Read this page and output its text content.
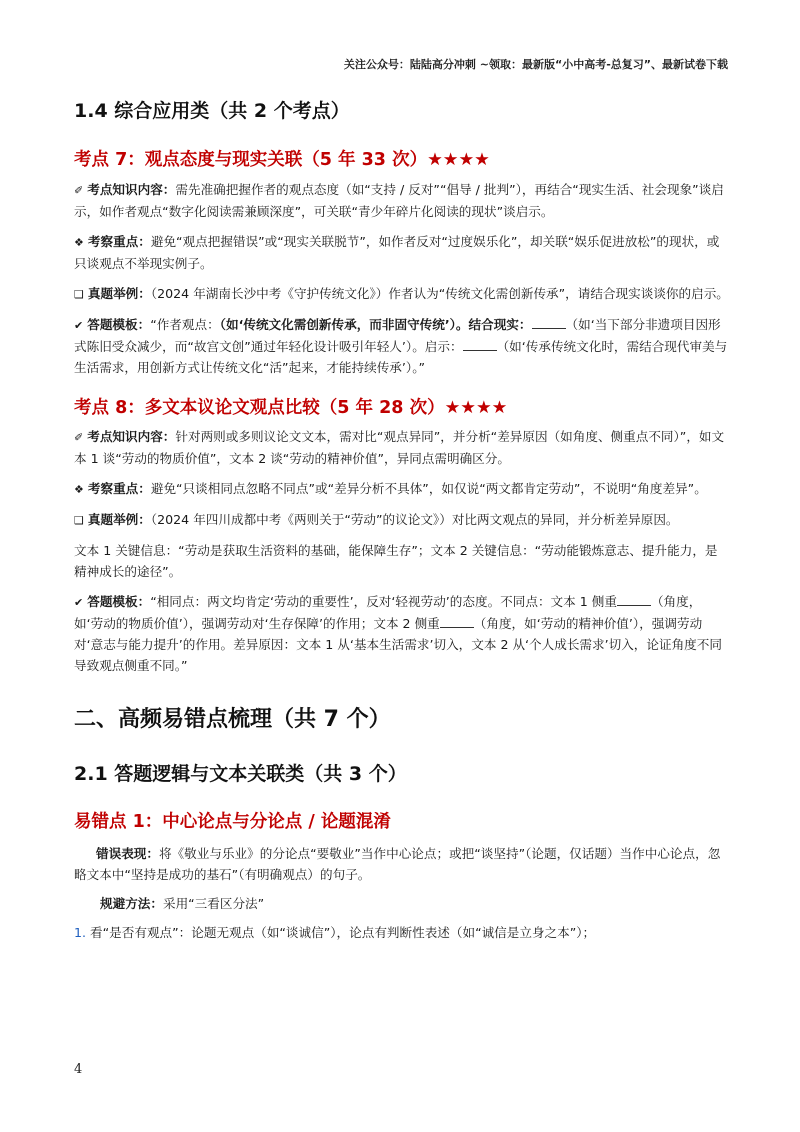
关注公众号：陆陆高分冲刺 ~领取：最新版“小中高考-总复习”、最新试卷下载
1.4 综合应用类（共 2 个考点）
考点 7：观点态度与现实关联（5 年 33 次）★★★★

✐ 考点知识内容：需先准确把握作者的观点态度（如“支持 / 反对”“倡导 / 批判”），再结合“现实生活、社会现象”谈启示，如作者观点“数字化阅读需兼顾深度”，可关联“青少年碎片化阅读的现状”谈启示。

❖ 考察重点：避免“观点把握错误”或“现实关联脱节”，如作者反对“过度娱乐化”，却关联“娱乐促进放松”的现状，或只谈观点不举现实例子。

❑ 真题举例：（2024 年湖南长沙中考《守护传统文化》）作者认为“传统文化需创新传承”，请结合现实谈谈你的启示。

✔ 答题模板：“作者观点：（如‘传统文化需创新传承，而非固守传统’）。结合现实：	（如‘当下部分非遗项目因形式陈旧受众减少，而“故宫文创”通过年轻化设计吸引年轻人’）。启示：	（如‘传承传统文化时，需结合现代审美与生活需求，用创新方式让传统文化“活”起来，才能持续传承’）。”

考点 8：多文本议论文观点比较（5 年 28 次）★★★★

✐ 考点知识内容：针对两则或多则议论文文本，需对比“观点异同”，并分析“差异原因（如角度、侧重点不同）”，如文本 1 谈“劳动的物质价值”，文本 2 谈“劳动的精神价值”，异同点需明确区分。

❖ 考察重点：避免“只谈相同点忽略不同点”或“差异分析不具体”，如仅说“两文都肯定劳动”，不说明“角度差异”。

❑ 真题举例：（2024 年四川成都中考《两则关于“劳动”的议论文》）对比两文观点的异同，并分析差异原因。

文本 1 关键信息：“劳动是获取生活资料的基础，能保障生存”；文本 2 关键信息：“劳动能锻炼意志、提升能力，是精神成长的途径”。

✔ 答题模板：“相同点：两文均肯定‘劳动的重要性’，反对‘轻视劳动’的态度。不同点：文本 1 侧重	（角度，如‘劳动的物质价值’），强调劳动对‘生存保障’的作用；文本 2 侧重	（角度，如‘劳动的精神价值’），强调劳动对‘意志与能力提升’的作用。差异原因：文本 1 从‘基本生活需求’切入，文本 2 从‘个人成长需求’切入，论证角度不同导致观点侧重不同。”

二、高频易错点梳理（共 7 个）
2.1 答题逻辑与文本关联类（共 3 个）
易错点 1：中心论点与分论点 / 论题混淆

错误表现：将《敬业与乐业》的分论点“要敬业”当作中心论点；或把“谈坚持”（论题，仅话题）当作中心论点，忽略文本中“坚持是成功的基石”（有明确观点）的句子。

规避方法：采用“三看区分法”

1. 看“是否有观点”：论题无观点（如“谈诚信”），论点有判断性表述（如“诚信是立身之本”）；

4
